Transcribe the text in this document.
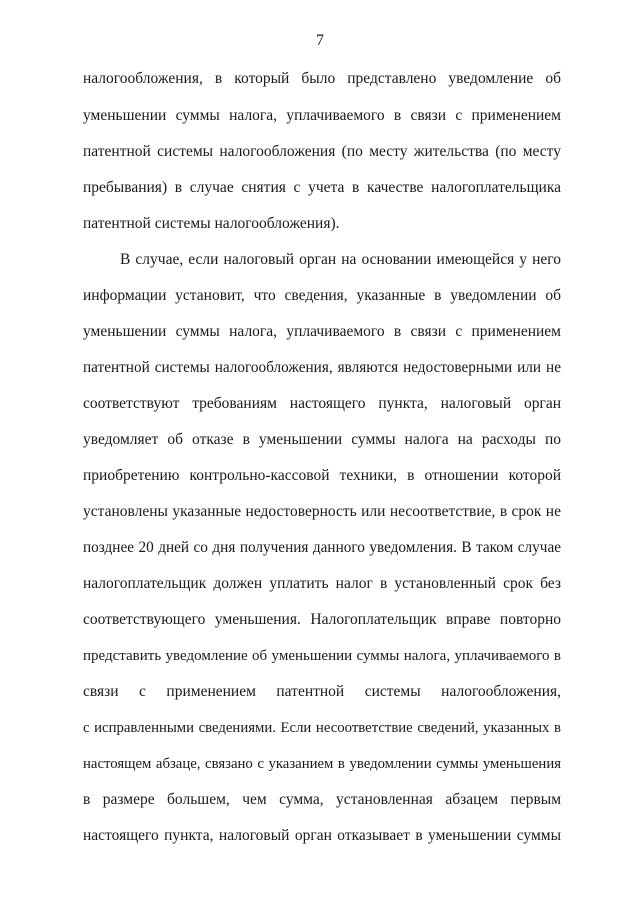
7
налогообложения, в который было представлено уведомление об
уменьшении суммы налога, уплачиваемого в связи с применением
патентной системы налогообложения (по месту жительства (по месту
пребывания) в случае снятия с учета в качестве налогоплательщика
патентной системы налогообложения).
В случае, если налоговый орган на основании имеющейся у него
информации установит, что сведения, указанные в уведомлении об
уменьшении суммы налога, уплачиваемого в связи с применением
патентной системы налогообложения, являются недостоверными или не
соответствуют требованиям настоящего пункта, налоговый орган
уведомляет об отказе в уменьшении суммы налога на расходы по
приобретению контрольно-кассовой техники, в отношении которой
установлены указанные недостоверность или несоответствие, в срок не
позднее 20 дней со дня получения данного уведомления. В таком случае
налогоплательщик должен уплатить налог в установленный срок без
соответствующего уменьшения. Налогоплательщик вправе повторно
представить уведомление об уменьшении суммы налога, уплачиваемого в
связи с применением патентной системы налогообложения,
с исправленными сведениями. Если несоответствие сведений, указанных в
настоящем абзаце, связано с указанием в уведомлении суммы уменьшения
в размере большем, чем сумма, установленная абзацем первым
настоящего пункта, налоговый орган отказывает в уменьшении суммы
